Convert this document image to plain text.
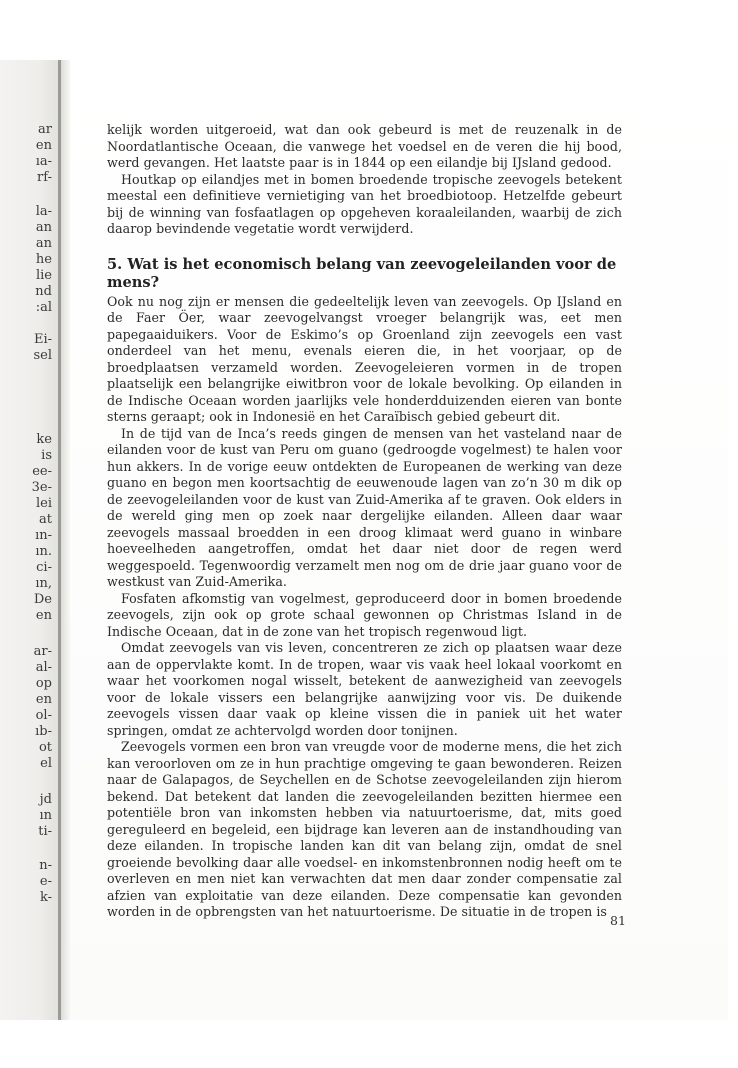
ar
en
ıa-
rf-
la-
an
an
he
lie
nd
:al
Ei-
sel
ke
is
ee-
3e-
lei
at
ın-
ın.
ci-
ın,
De
en
ar-
al-
op
en
ol-
ıb-
ot
el
jd
ın
ti-
n-
e-
k-

kelijk worden uitgeroeid, wat dan ook gebeurd is met de reuzenalk in de Noordatlantische Oceaan, die vanwege het voedsel en de veren die hij bood, werd gevangen. Het laatste paar is in 1844 op een eilandje bij IJsland gedood.

Houtkap op eilandjes met in bomen broedende tropische zeevogels betekent meestal een definitieve vernietiging van het broedbiotoop. Hetzelfde gebeurt bij de winning van fosfaatlagen op opgeheven koraaleilanden, waarbij de zich daarop bevindende vegetatie wordt verwijderd.

5. Wat is het economisch belang van zeevogeleilanden voor de mens?

Ook nu nog zijn er mensen die gedeeltelijk leven van zeevogels. Op IJsland en de Faer Öer, waar zeevogelvangst vroeger belangrijk was, eet men papegaaiduikers. Voor de Eskimo’s op Groenland zijn zeevogels een vast onderdeel van het menu, evenals eieren die, in het voorjaar, op de broedplaatsen verzameld worden. Zeevogeleieren vormen in de tropen plaatselijk een belangrijke eiwitbron voor de lokale bevolking. Op eilanden in de Indische Oceaan worden jaarlijks vele honderdduizenden eieren van bonte sterns geraapt; ook in Indonesië en het Caraïbisch gebied gebeurt dit.

In de tijd van de Inca’s reeds gingen de mensen van het vasteland naar de eilanden voor de kust van Peru om guano (gedroogde vogelmest) te halen voor hun akkers. In de vorige eeuw ontdekten de Europeanen de werking van deze guano en begon men koortsachtig de eeuwenoude lagen van zo’n 30 m dik op de zeevogeleilanden voor de kust van Zuid-Amerika af te graven. Ook elders in de wereld ging men op zoek naar dergelijke eilanden. Alleen daar waar zeevogels massaal broedden in een droog klimaat werd guano in winbare hoeveelheden aangetroffen, omdat het daar niet door de regen werd weggespoeld. Tegenwoordig verzamelt men nog om de drie jaar guano voor de westkust van Zuid-Amerika.

Fosfaten afkomstig van vogelmest, geproduceerd door in bomen broedende zeevogels, zijn ook op grote schaal gewonnen op Christmas Island in de Indische Oceaan, dat in de zone van het tropisch regenwoud ligt.

Omdat zeevogels van vis leven, concentreren ze zich op plaatsen waar deze aan de oppervlakte komt. In de tropen, waar vis vaak heel lokaal voorkomt en waar het voorkomen nogal wisselt, betekent de aanwezigheid van zeevogels voor de lokale vissers een belangrijke aanwijzing voor vis. De duikende zeevogels vissen daar vaak op kleine vissen die in paniek uit het water springen, omdat ze achtervolgd worden door tonijnen.

Zeevogels vormen een bron van vreugde voor de moderne mens, die het zich kan veroorloven om ze in hun prachtige omgeving te gaan bewonderen. Reizen naar de Galapagos, de Seychellen en de Schotse zeevogeleilanden zijn hierom bekend. Dat betekent dat landen die zeevogeleilanden bezitten hiermee een potentiële bron van inkomsten hebben via natuurtoerisme, dat, mits goed gereguleerd en begeleid, een bijdrage kan leveren aan de instandhouding van deze eilanden. In tropische landen kan dit van belang zijn, omdat de snel groeiende bevolking daar alle voedsel- en inkomstenbronnen nodig heeft om te overleven en men niet kan verwachten dat men daar zonder compensatie zal afzien van exploitatie van deze eilanden. Deze compensatie kan gevonden worden in de opbrengsten van het natuurtoerisme. De situatie in de tropen is

81
